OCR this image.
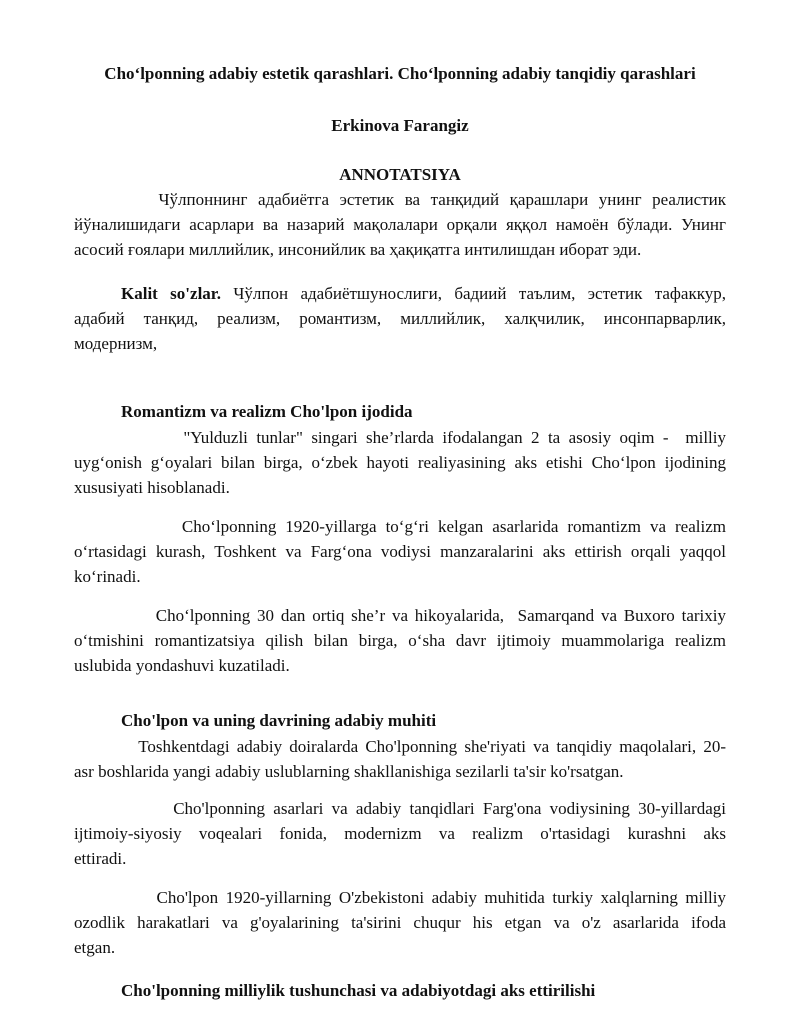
Cho‘lponning adabiy estetik qarashlari. Cho‘lponning adabiy tanqidiy qarashlari
Erkinova Farangiz
ANNOTATSIYA
Чўлпоннинг адабиётга эстетик ва танқидий қарашлари унинг реалистик
йўналишидаги асарлари ва назарий мақолалари орқали яққол намоён бўлади. Унинг
асосий ғоялари миллийлик, инсонийлик ва ҳақиқатга интилишдан иборат эди.
Kalit so'zlar. Чўлпон адабиётшунослиги, бадиий таълим, эстетик тафаккур,
адабий танқид, реализм, романтизм, миллийлик, халқчилик, инсонпарварлик,
модернизм,
Romantizm va realizm Cho'lpon ijodida
"Yulduzli tunlar" singari she’rlarda ifodalangan 2 ta asosiy oqim -  milliy
uyg‘onish g‘oyalari bilan birga, o‘zbek hayoti realiyasining aks etishi Cho‘lpon ijodining
xususiyati hisoblanadi.
Cho‘lponning 1920-yillarga to‘g‘ri kelgan asarlarida romantizm va realizm
o‘rtasidagi kurash, Toshkent va Farg‘ona vodiysi manzaralarini aks ettirish orqali yaqqol
ko‘rinadi.
Cho‘lponning 30 dan ortiq she’r va hikoyalarida,  Samarqand va Buxoro tarixiy
o‘tmishini romantizatsiya qilish bilan birga, o‘sha davr ijtimoiy muammolariga realizm
uslubida yondashuvi kuzatiladi.
Cho'lpon va uning davrining adabiy muhiti
Toshkentdagi adabiy doiralarda Cho'lponning she'riyati va tanqidiy maqolalari, 20-
asr boshlarida yangi adabiy uslublarning shakllanishiga sezilarli ta'sir ko'rsatgan.
Cho'lponning asarlari va adabiy tanqidlari Farg'ona vodiysining 30-yillardagi
ijtimoiy-siyosiy voqealari fonida, modernizm va realizm o'rtasidagi kurashni aks
ettiradi.
Cho'lpon 1920-yillarning O'zbekistoni adabiy muhitida turkiy xalqlarning milliy
ozodlik harakatlari va g'oyalarining ta'sirini chuqur his etgan va o'z asarlarida ifoda
etgan.
Cho'lponning milliylik tushunchasi va adabiyotdagi aks ettirilishi
